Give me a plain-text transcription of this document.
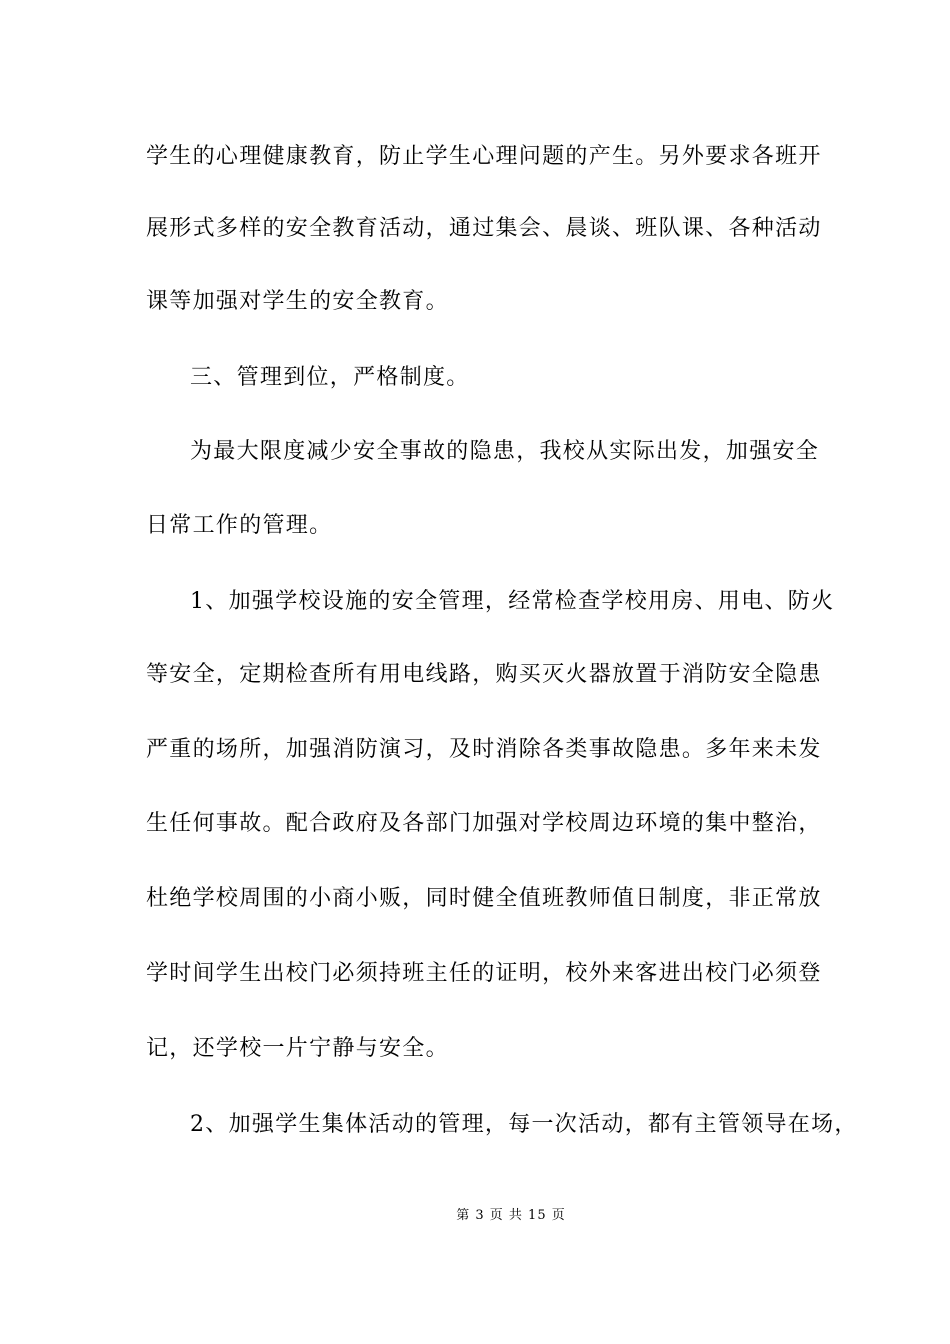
学生的心理健康教育，防止学生心理问题的产生。另外要求各班开
展形式多样的安全教育活动，通过集会、晨谈、班队课、各种活动
课等加强对学生的安全教育。
三、管理到位，严格制度。
为最大限度减少安全事故的隐患，我校从实际出发，加强安全
日常工作的管理。
1、加强学校设施的安全管理，经常检查学校用房、用电、防火
等安全，定期检查所有用电线路，购买灭火器放置于消防安全隐患
严重的场所，加强消防演习，及时消除各类事故隐患。多年来未发
生任何事故。配合政府及各部门加强对学校周边环境的集中整治，
杜绝学校周围的小商小贩，同时健全值班教师值日制度，非正常放
学时间学生出校门必须持班主任的证明，校外来客进出校门必须登
记，还学校一片宁静与安全。
2、加强学生集体活动的管理，每一次活动，都有主管领导在场，
第 3 页 共 15 页
